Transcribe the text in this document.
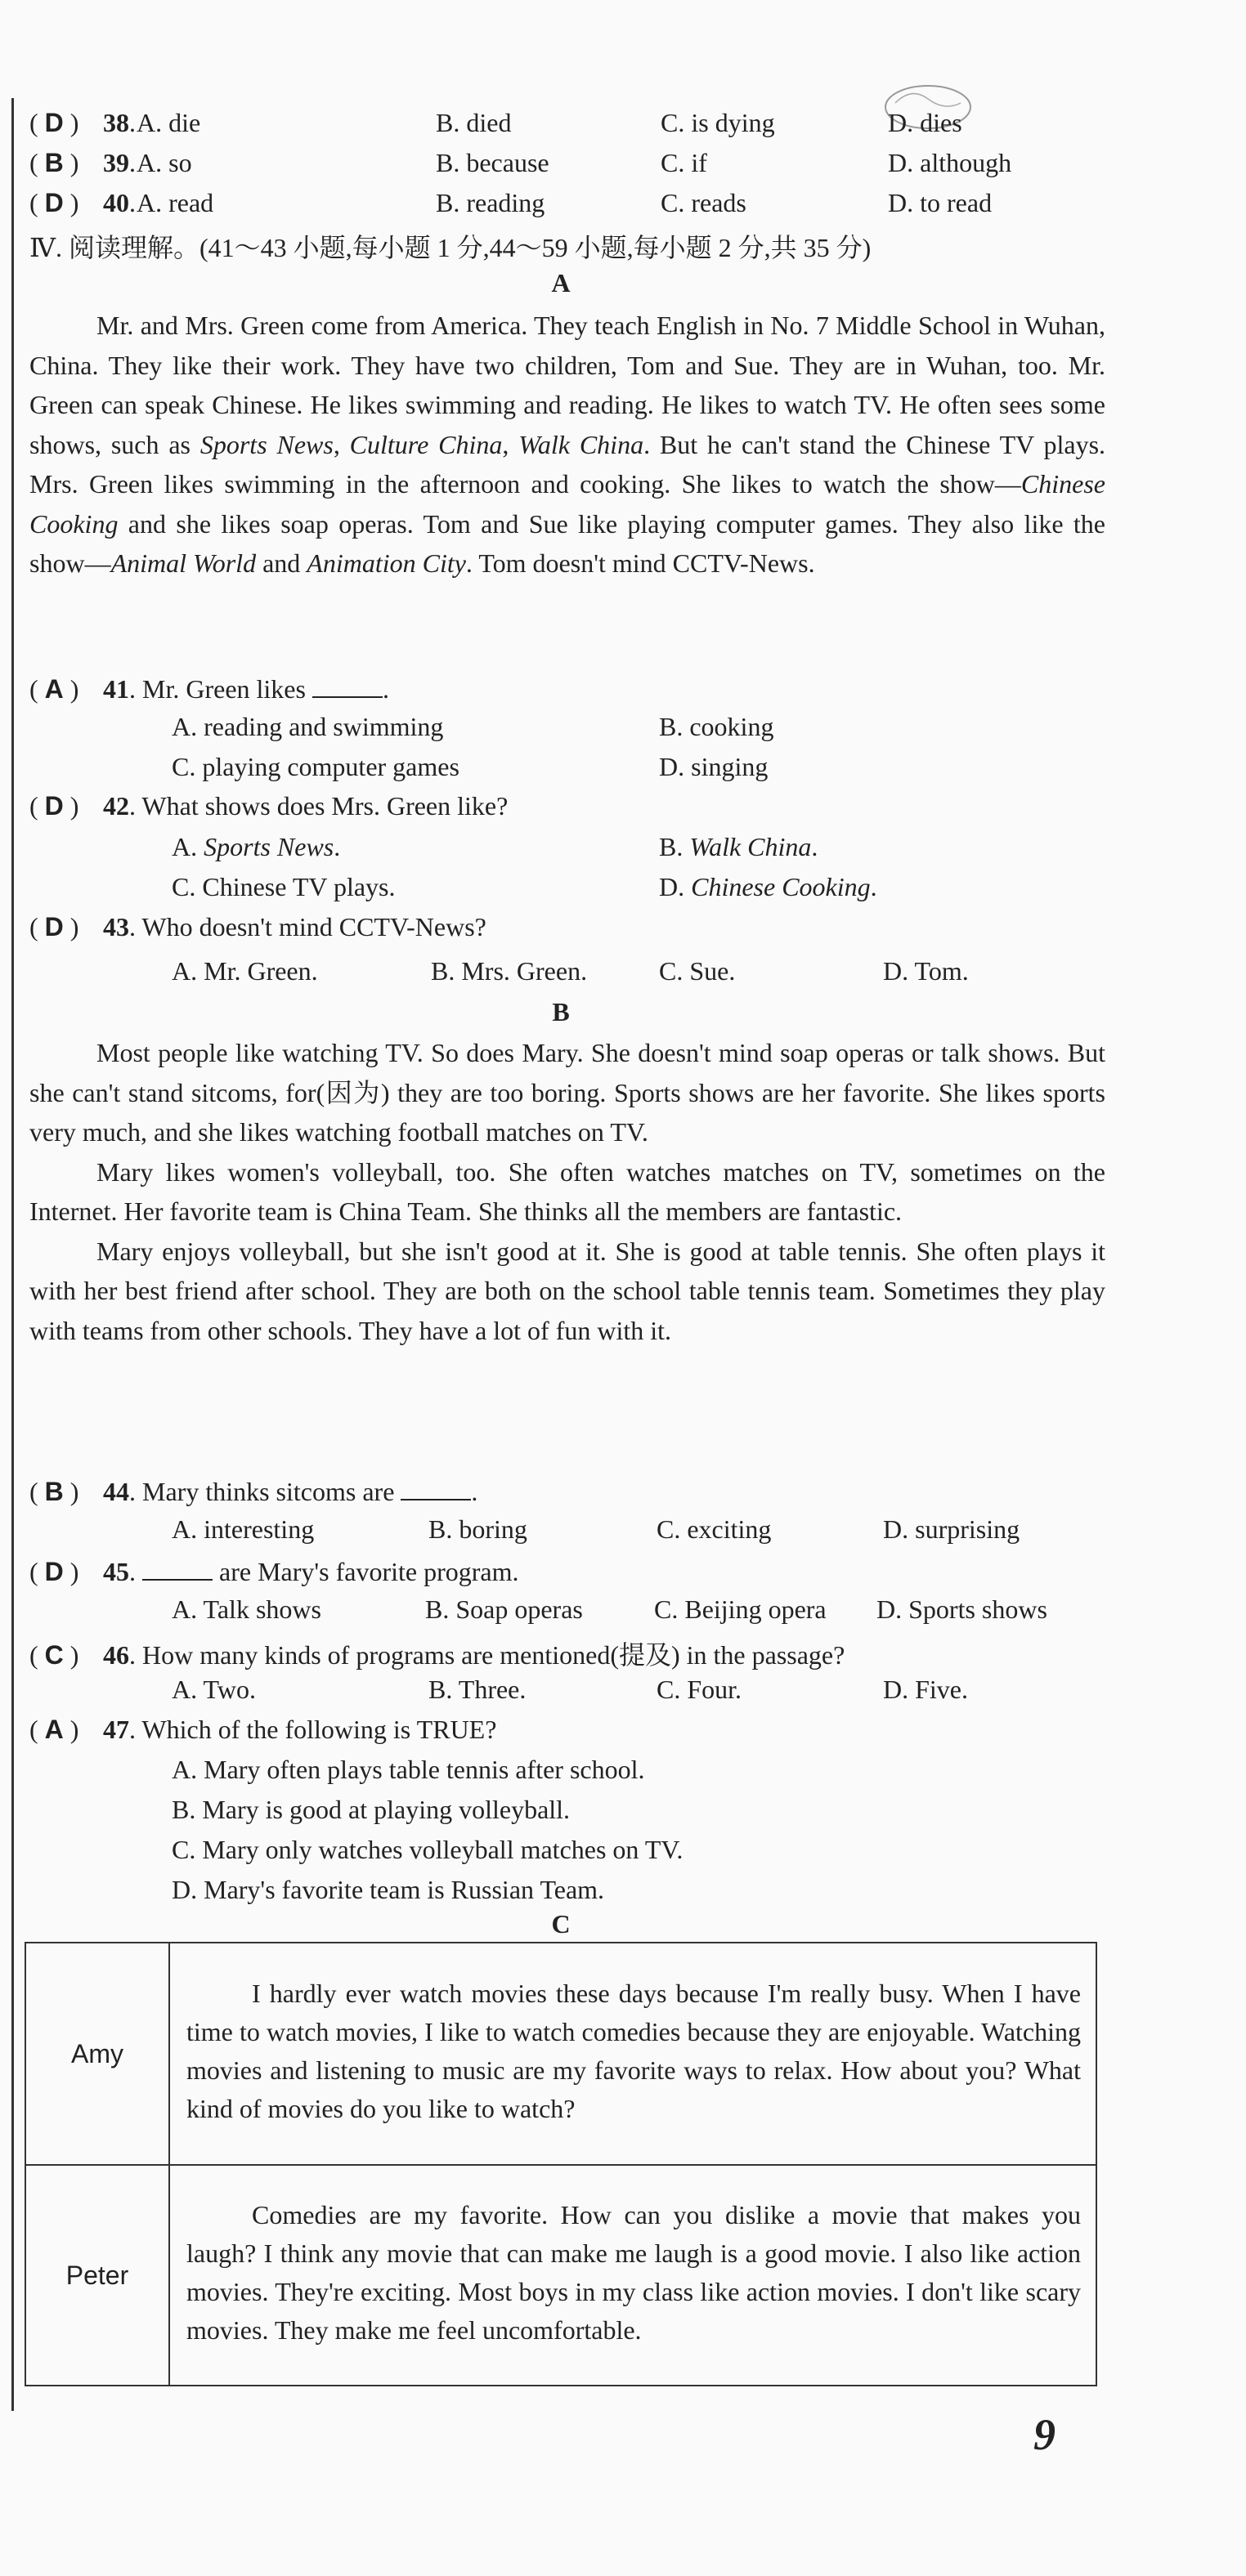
( D ) 38. A. die	B. died	C. is dying	D. dies
( B ) 39. A. so	B. because	C. if	D. although
( D ) 40. A. read	B. reading	C. reads	D. to read
Ⅳ. 阅读理解。(41～43 小题,每小题 1 分,44～59 小题,每小题 2 分,共 35 分)
A

Mr. and Mrs. Green come from America. They teach English in No. 7 Middle School in Wuhan, China. They like their work. They have two children, Tom and Sue. They are in Wuhan, too. Mr. Green can speak Chinese. He likes swimming and reading. He likes to watch TV. He often sees some shows, such as Sports News, Culture China, Walk China. But he can't stand the Chinese TV plays. Mrs. Green likes swimming in the afternoon and cooking. She likes to watch the show—Chinese Cooking and she likes soap operas. Tom and Sue like playing computer games. They also like the show—Animal World and Animation City. Tom doesn't mind CCTV-News.

( A ) 41. Mr. Green likes	.
A. reading and swimming	B. cooking
C. playing computer games	D. singing
( D ) 42. What shows does Mrs. Green like?
A. Sports News.	B. Walk China.
C. Chinese TV plays.	D. Chinese Cooking.
( D ) 43. Who doesn't mind CCTV-News?
A. Mr. Green.	B. Mrs. Green.	C. Sue.	D. Tom.
B

Most people like watching TV. So does Mary. She doesn't mind soap operas or talk shows. But she can't stand sitcoms, for(因为) they are too boring. Sports shows are her favorite. She likes sports very much, and she likes watching football matches on TV.

Mary likes women's volleyball, too. She often watches matches on TV, sometimes on the Internet. Her favorite team is China Team. She thinks all the members are fantastic.

Mary enjoys volleyball, but she isn't good at it. She is good at table tennis. She often plays it with her best friend after school. They are both on the school table tennis team. Sometimes they play with teams from other schools. They have a lot of fun with it.

( B ) 44. Mary thinks sitcoms are	.
A. interesting	B. boring	C. exciting	D. surprising
( D ) 45.	are Mary's favorite program.
A. Talk shows	B. Soap operas	C. Beijing opera D. Sports shows
( C ) 46. How many kinds of programs are mentioned(提及) in the passage?
A. Two.	B. Three.	C. Four.	D. Five.
( A ) 47. Which of the following is TRUE?
A. Mary often plays table tennis after school.
B. Mary is good at playing volleyball.
C. Mary only watches volleyball matches on TV.
D. Mary's favorite team is Russian Team.
C
Amy	I hardly ever watch movies these days because I'm really busy. When I have time to watch movies, I like to watch comedies because they are enjoyable. Watching movies and listening to music are my favorite ways to relax. How about you? What kind of movies do you like to watch?

Peter	Comedies are my favorite. How can you dislike a movie that makes you laugh? I think any movie that can make me laugh is a good movie. I also like action movies. They're exciting. Most boys in my class like action movies. I don't like scary movies. They make me feel uncomfortable.
9
